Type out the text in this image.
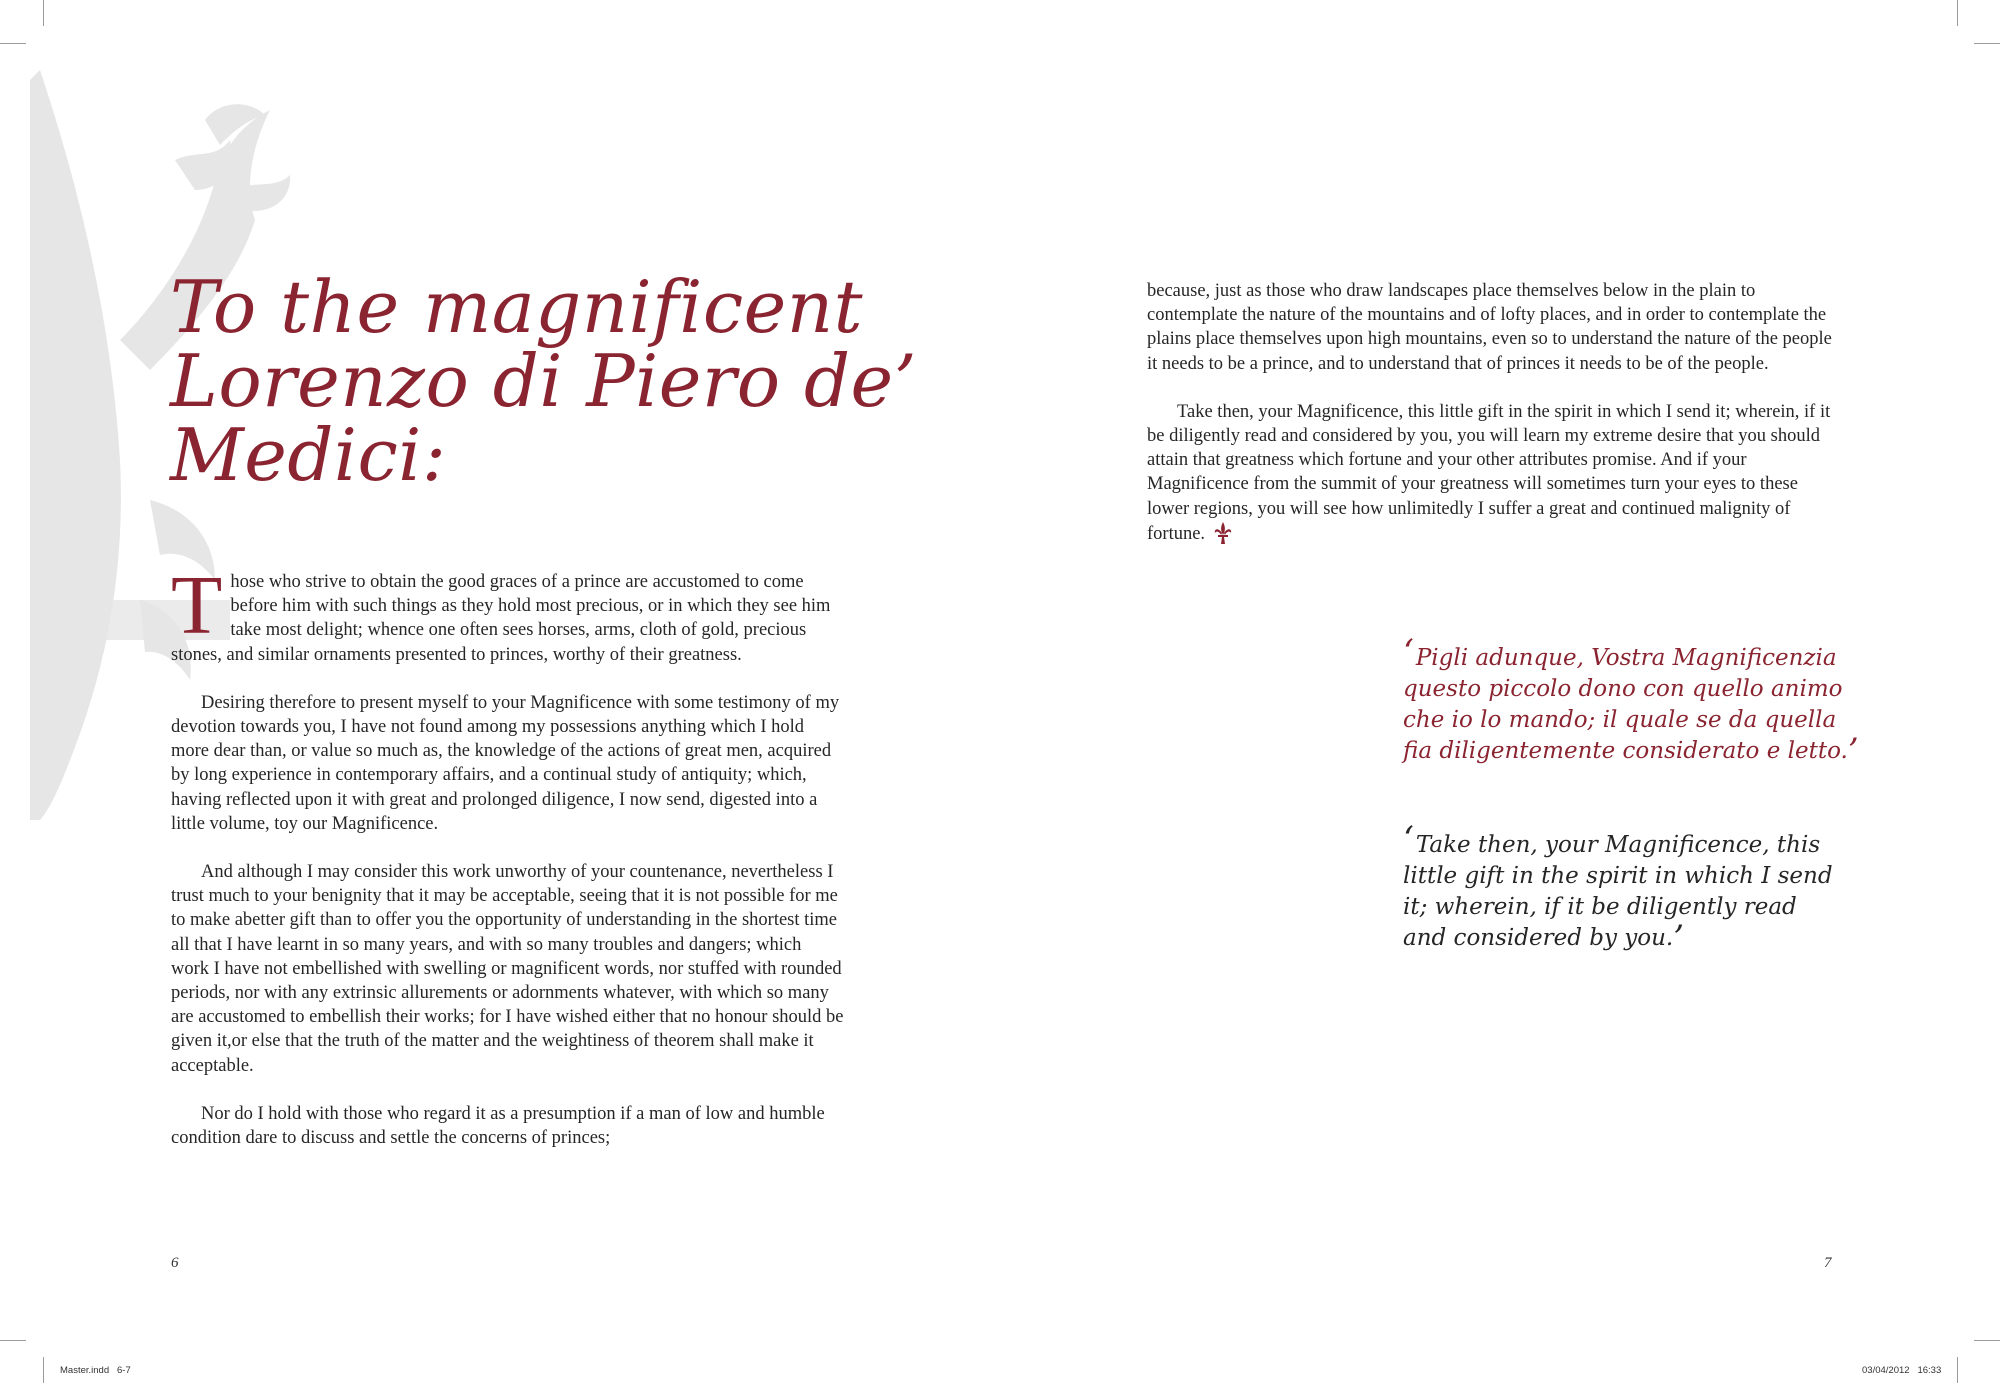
To the magnificent
Lorenzo di Piero de’
Medici:

Those who strive to obtain the good graces of a prince are accustomed to come before him with such things as they hold most precious, or in which they see him take most delight; whence one often sees horses, arms, cloth of gold, precious stones, and similar ornaments presented to princes, worthy of their greatness.

Desiring therefore to present myself to your Magnificence with some testimony of my devotion towards you, I have not found among my possessions anything which I hold more dear than, or value so much as, the knowledge of the actions of great men, acquired by long experience in contemporary affairs, and a continual study of antiquity; which, having reflected upon it with great and prolonged diligence, I now send, digested into a little volume, toy our Magnificence.

And although I may consider this work unworthy of your countenance, nevertheless I trust much to your benignity that it may be acceptable, seeing that it is not possible for me to make abetter gift than to offer you the opportunity of understanding in the shortest time all that I have learnt in so many years, and with so many troubles and dangers; which work I have not embellished with swelling or magnificent words, nor stuffed with rounded periods, nor with any extrinsic allurements or adornments whatever, with which so many are accustomed to embellish their works; for I have wished either that no honour should be given it,or else that the truth of the matter and the weightiness of theorem shall make it acceptable.

Nor do I hold with those who regard it as a presumption if a man of low and humble condition dare to discuss and settle the concerns of princes;

6

because, just as those who draw landscapes place themselves below in the plain to contemplate the nature of the mountains and of lofty places, and in order to contemplate the plains place themselves upon high mountains, even so to understand the nature of the people it needs to be a prince, and to understand that of princes it needs to be of the people.

Take then, your Magnificence, this little gift in the spirit in which I send it; wherein, if it be diligently read and considered by you, you will learn my extreme desire that you should attain that greatness which fortune and your other attributes promise. And if your Magnificence from the summit of your greatness will sometimes turn your eyes to these lower regions, you will see how unlimitedly I suffer a great and continued malignity of fortune.

7
‘Pigli adunque, Vostra Magnificenzia questo piccolo dono con quello animo che io lo mando; il quale se da quella fia diligentemente considerato e letto.’
‘Take then, your Magnificence, this little gift in the spirit in which I send it; wherein, if it be diligently read and considered by you.’
Master.indd   6-7	03/04/2012   16:33
